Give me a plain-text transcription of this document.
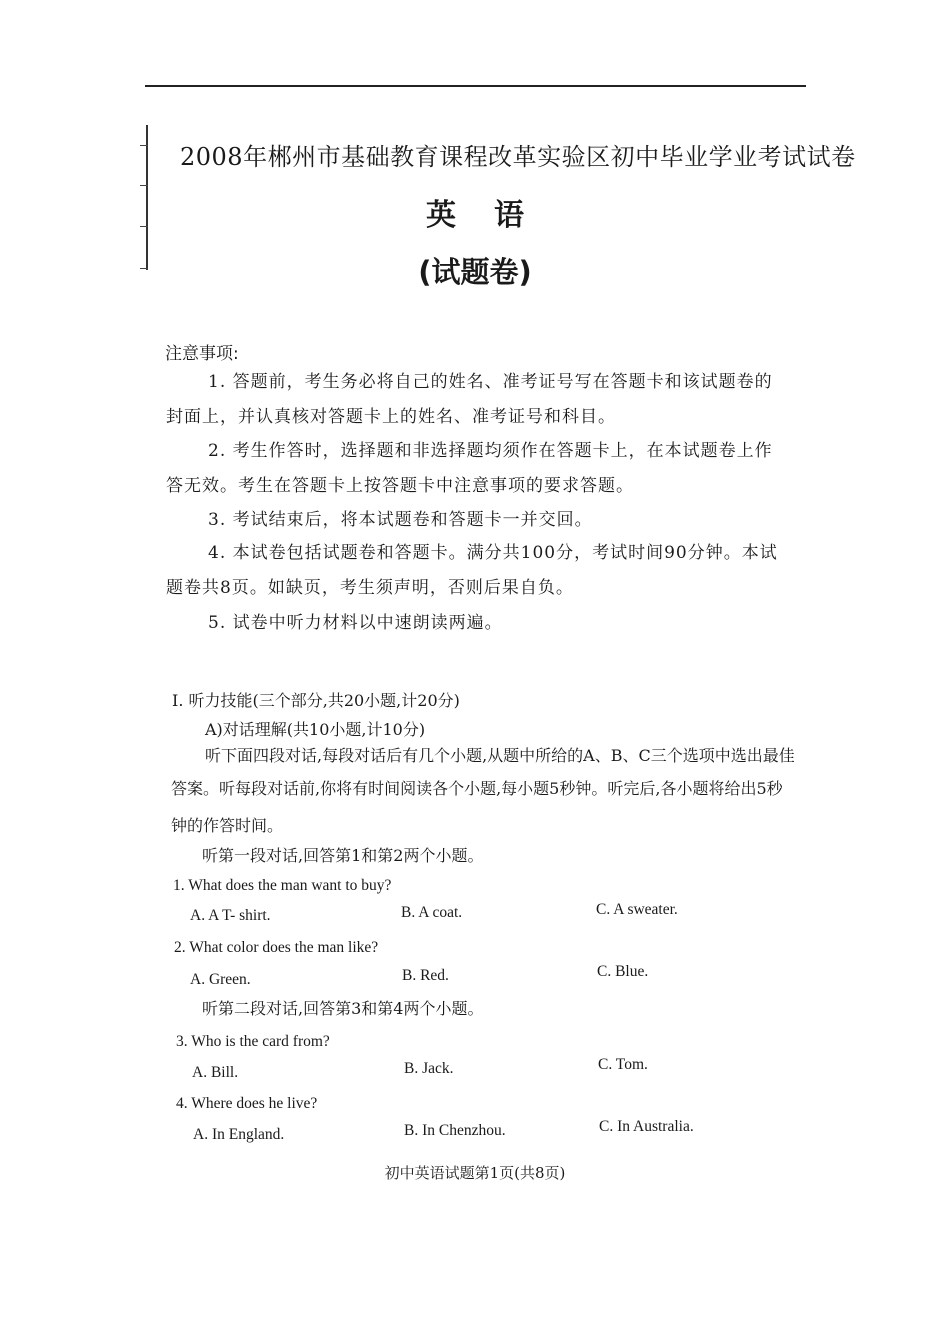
2008年郴州市基础教育课程改革实验区初中毕业学业考试试卷
英语
(试题卷)
注意事项:
1. 答题前，考生务必将自己的姓名、准考证号写在答题卡和该试题卷的
封面上，并认真核对答题卡上的姓名、准考证号和科目。
2. 考生作答时，选择题和非选择题均须作在答题卡上，在本试题卷上作
答无效。考生在答题卡上按答题卡中注意事项的要求答题。
3. 考试结束后，将本试题卷和答题卡一并交回。
4. 本试卷包括试题卷和答题卡。满分共100分，考试时间90分钟。本试
题卷共8页。如缺页，考生须声明，否则后果自负。
5. 试卷中听力材料以中速朗读两遍。
Ⅰ. 听力技能(三个部分,共20小题,计20分)
A)对话理解(共10小题,计10分)
听下面四段对话,每段对话后有几个小题,从题中所给的A、B、C三个选项中选出最佳
答案。听每段对话前,你将有时间阅读各个小题,每小题5秒钟。听完后,各小题将给出5秒
钟的作答时间。
听第一段对话,回答第1和第2两个小题。
1. What does the man want to buy?
A. A T- shirt.	B. A coat.	C. A sweater.
2. What color does the man like?
A. Green.	B. Red.	C. Blue.
听第二段对话,回答第3和第4两个小题。
3. Who is the card from?
A. Bill.	B. Jack.	C. Tom.
4. Where does he live?
A. In England.	B. In Chenzhou.	C. In Australia.
初中英语试题第1页(共8页)
